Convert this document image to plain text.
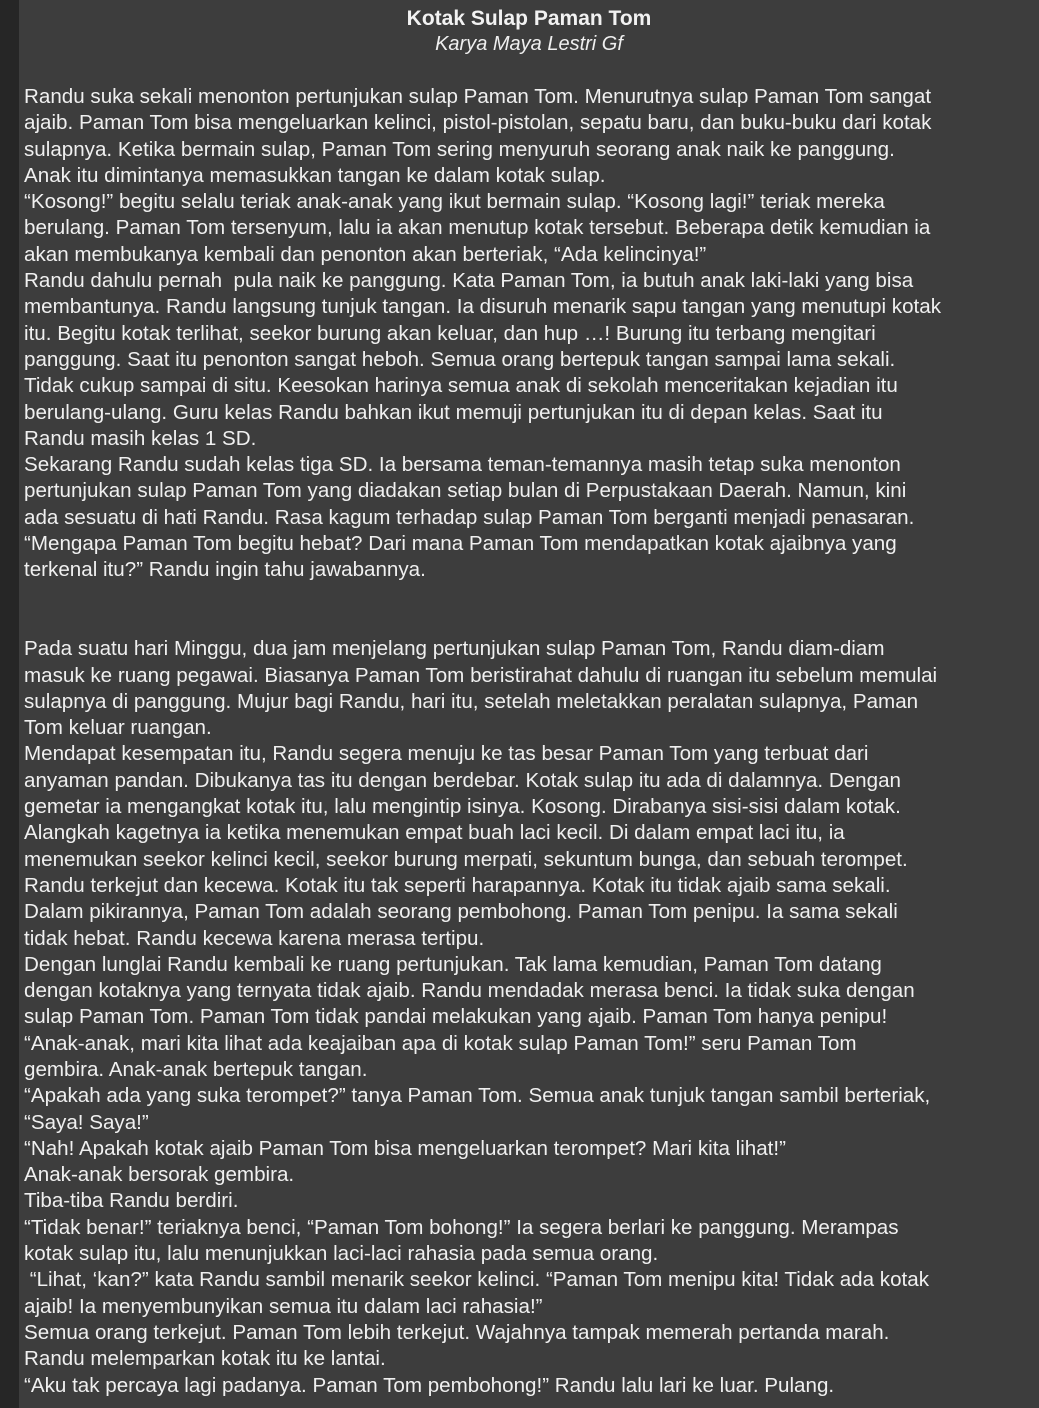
Kotak Sulap Paman Tom

Karya Maya Lestri Gf

Randu suka sekali menonton pertunjukan sulap Paman Tom. Menurutnya sulap Paman Tom sangat
ajaib. Paman Tom bisa mengeluarkan kelinci, pistol-pistolan, sepatu baru, dan buku-buku dari kotak
sulapnya. Ketika bermain sulap, Paman Tom sering menyuruh seorang anak naik ke panggung.
Anak itu dimintanya memasukkan tangan ke dalam kotak sulap.
“Kosong!” begitu selalu teriak anak-anak yang ikut bermain sulap. “Kosong lagi!” teriak mereka
berulang. Paman Tom tersenyum, lalu ia akan menutup kotak tersebut. Beberapa detik kemudian ia
akan membukanya kembali dan penonton akan berteriak, “Ada kelincinya!”
Randu dahulu pernah  pula naik ke panggung. Kata Paman Tom, ia butuh anak laki-laki yang bisa
membantunya. Randu langsung tunjuk tangan. Ia disuruh menarik sapu tangan yang menutupi kotak
itu. Begitu kotak terlihat, seekor burung akan keluar, dan hup …! Burung itu terbang mengitari
panggung. Saat itu penonton sangat heboh. Semua orang bertepuk tangan sampai lama sekali.
Tidak cukup sampai di situ. Keesokan harinya semua anak di sekolah menceritakan kejadian itu
berulang-ulang. Guru kelas Randu bahkan ikut memuji pertunjukan itu di depan kelas. Saat itu
Randu masih kelas 1 SD.
Sekarang Randu sudah kelas tiga SD. Ia bersama teman-temannya masih tetap suka menonton
pertunjukan sulap Paman Tom yang diadakan setiap bulan di Perpustakaan Daerah. Namun, kini
ada sesuatu di hati Randu. Rasa kagum terhadap sulap Paman Tom berganti menjadi penasaran.
“Mengapa Paman Tom begitu hebat? Dari mana Paman Tom mendapatkan kotak ajaibnya yang
terkenal itu?” Randu ingin tahu jawabannya.
Pada suatu hari Minggu, dua jam menjelang pertunjukan sulap Paman Tom, Randu diam-diam
masuk ke ruang pegawai. Biasanya Paman Tom beristirahat dahulu di ruangan itu sebelum memulai
sulapnya di panggung. Mujur bagi Randu, hari itu, setelah meletakkan peralatan sulapnya, Paman
Tom keluar ruangan.
Mendapat kesempatan itu, Randu segera menuju ke tas besar Paman Tom yang terbuat dari
anyaman pandan. Dibukanya tas itu dengan berdebar. Kotak sulap itu ada di dalamnya. Dengan
gemetar ia mengangkat kotak itu, lalu mengintip isinya. Kosong. Dirabanya sisi-sisi dalam kotak.
Alangkah kagetnya ia ketika menemukan empat buah laci kecil. Di dalam empat laci itu, ia
menemukan seekor kelinci kecil, seekor burung merpati, sekuntum bunga, dan sebuah terompet.
Randu terkejut dan kecewa. Kotak itu tak seperti harapannya. Kotak itu tidak ajaib sama sekali.
Dalam pikirannya, Paman Tom adalah seorang pembohong. Paman Tom penipu. Ia sama sekali
tidak hebat. Randu kecewa karena merasa tertipu.
Dengan lunglai Randu kembali ke ruang pertunjukan. Tak lama kemudian, Paman Tom datang
dengan kotaknya yang ternyata tidak ajaib. Randu mendadak merasa benci. Ia tidak suka dengan
sulap Paman Tom. Paman Tom tidak pandai melakukan yang ajaib. Paman Tom hanya penipu!
“Anak-anak, mari kita lihat ada keajaiban apa di kotak sulap Paman Tom!” seru Paman Tom
gembira. Anak-anak bertepuk tangan.
“Apakah ada yang suka terompet?” tanya Paman Tom. Semua anak tunjuk tangan sambil berteriak,
“Saya! Saya!”
“Nah! Apakah kotak ajaib Paman Tom bisa mengeluarkan terompet? Mari kita lihat!”
Anak-anak bersorak gembira.
Tiba-tiba Randu berdiri.
“Tidak benar!” teriaknya benci, “Paman Tom bohong!” Ia segera berlari ke panggung. Merampas
kotak sulap itu, lalu menunjukkan laci-laci rahasia pada semua orang.
“Lihat, ‘kan?” kata Randu sambil menarik seekor kelinci. “Paman Tom menipu kita! Tidak ada kotak
ajaib! Ia menyembunyikan semua itu dalam laci rahasia!”
Semua orang terkejut. Paman Tom lebih terkejut. Wajahnya tampak memerah pertanda marah.
Randu melemparkan kotak itu ke lantai.
“Aku tak percaya lagi padanya. Paman Tom pembohong!” Randu lalu lari ke luar. Pulang.
